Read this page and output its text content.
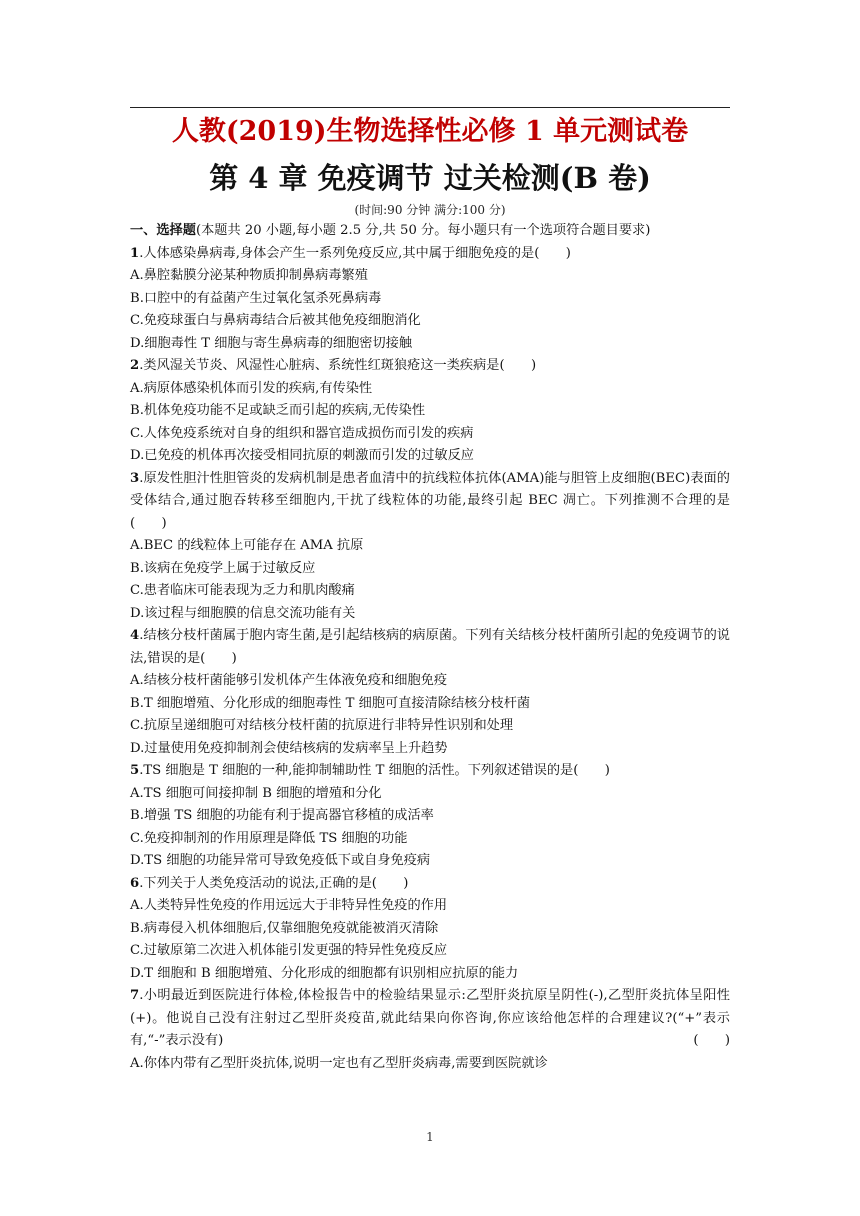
人教(2019)生物选择性必修 1 单元测试卷
第 4 章 免疫调节 过关检测(B 卷)
(时间:90 分钟 满分:100 分)

一、选择题(本题共 20 小题,每小题 2.5 分,共 50 分。每小题只有一个选项符合题目要求)

1.人体感染鼻病毒,身体会产生一系列免疫反应,其中属于细胞免疫的是(　　)

A.鼻腔黏膜分泌某种物质抑制鼻病毒繁殖

B.口腔中的有益菌产生过氧化氢杀死鼻病毒

C.免疫球蛋白与鼻病毒结合后被其他免疫细胞消化

D.细胞毒性 T 细胞与寄生鼻病毒的细胞密切接触

2.类风湿关节炎、风湿性心脏病、系统性红斑狼疮这一类疾病是(　　)

A.病原体感染机体而引发的疾病,有传染性

B.机体免疫功能不足或缺乏而引起的疾病,无传染性

C.人体免疫系统对自身的组织和器官造成损伤而引发的疾病

D.已免疫的机体再次接受相同抗原的刺激而引发的过敏反应

3.原发性胆汁性胆管炎的发病机制是患者血清中的抗线粒体抗体(AMA)能与胆管上皮细胞(BEC)表面的受体结合,通过胞吞转移至细胞内,干扰了线粒体的功能,最终引起 BEC 凋亡。下列推测不合理的是(　　)

A.BEC 的线粒体上可能存在 AMA 抗原

B.该病在免疫学上属于过敏反应

C.患者临床可能表现为乏力和肌肉酸痛

D.该过程与细胞膜的信息交流功能有关

4.结核分枝杆菌属于胞内寄生菌,是引起结核病的病原菌。下列有关结核分枝杆菌所引起的免疫调节的说法,错误的是(　　)

A.结核分枝杆菌能够引发机体产生体液免疫和细胞免疫

B.T 细胞增殖、分化形成的细胞毒性 T 细胞可直接清除结核分枝杆菌

C.抗原呈递细胞可对结核分枝杆菌的抗原进行非特异性识别和处理

D.过量使用免疫抑制剂会使结核病的发病率呈上升趋势

5.TS 细胞是 T 细胞的一种,能抑制辅助性 T 细胞的活性。下列叙述错误的是(　　)

A.TS 细胞可间接抑制 B 细胞的增殖和分化

B.增强 TS 细胞的功能有利于提高器官移植的成活率

C.免疫抑制剂的作用原理是降低 TS 细胞的功能

D.TS 细胞的功能异常可导致免疫低下或自身免疫病

6.下列关于人类免疫活动的说法,正确的是(　　)

A.人类特异性免疫的作用远远大于非特异性免疫的作用

B.病毒侵入机体细胞后,仅靠细胞免疫就能被消灭清除

C.过敏原第二次进入机体能引发更强的特异性免疫反应

D.T 细胞和 B 细胞增殖、分化形成的细胞都有识别相应抗原的能力

7.小明最近到医院进行体检,体检报告中的检验结果显示:乙型肝炎抗原呈阴性(-),乙型肝炎抗体呈阳性(+)。他说自己没有注射过乙型肝炎疫苗,就此结果向你咨询,你应该给他怎样的合理建议?(“+”表示有,“-”表示没有)	(　　)

A.你体内带有乙型肝炎抗体,说明一定也有乙型肝炎病毒,需要到医院就诊

1
